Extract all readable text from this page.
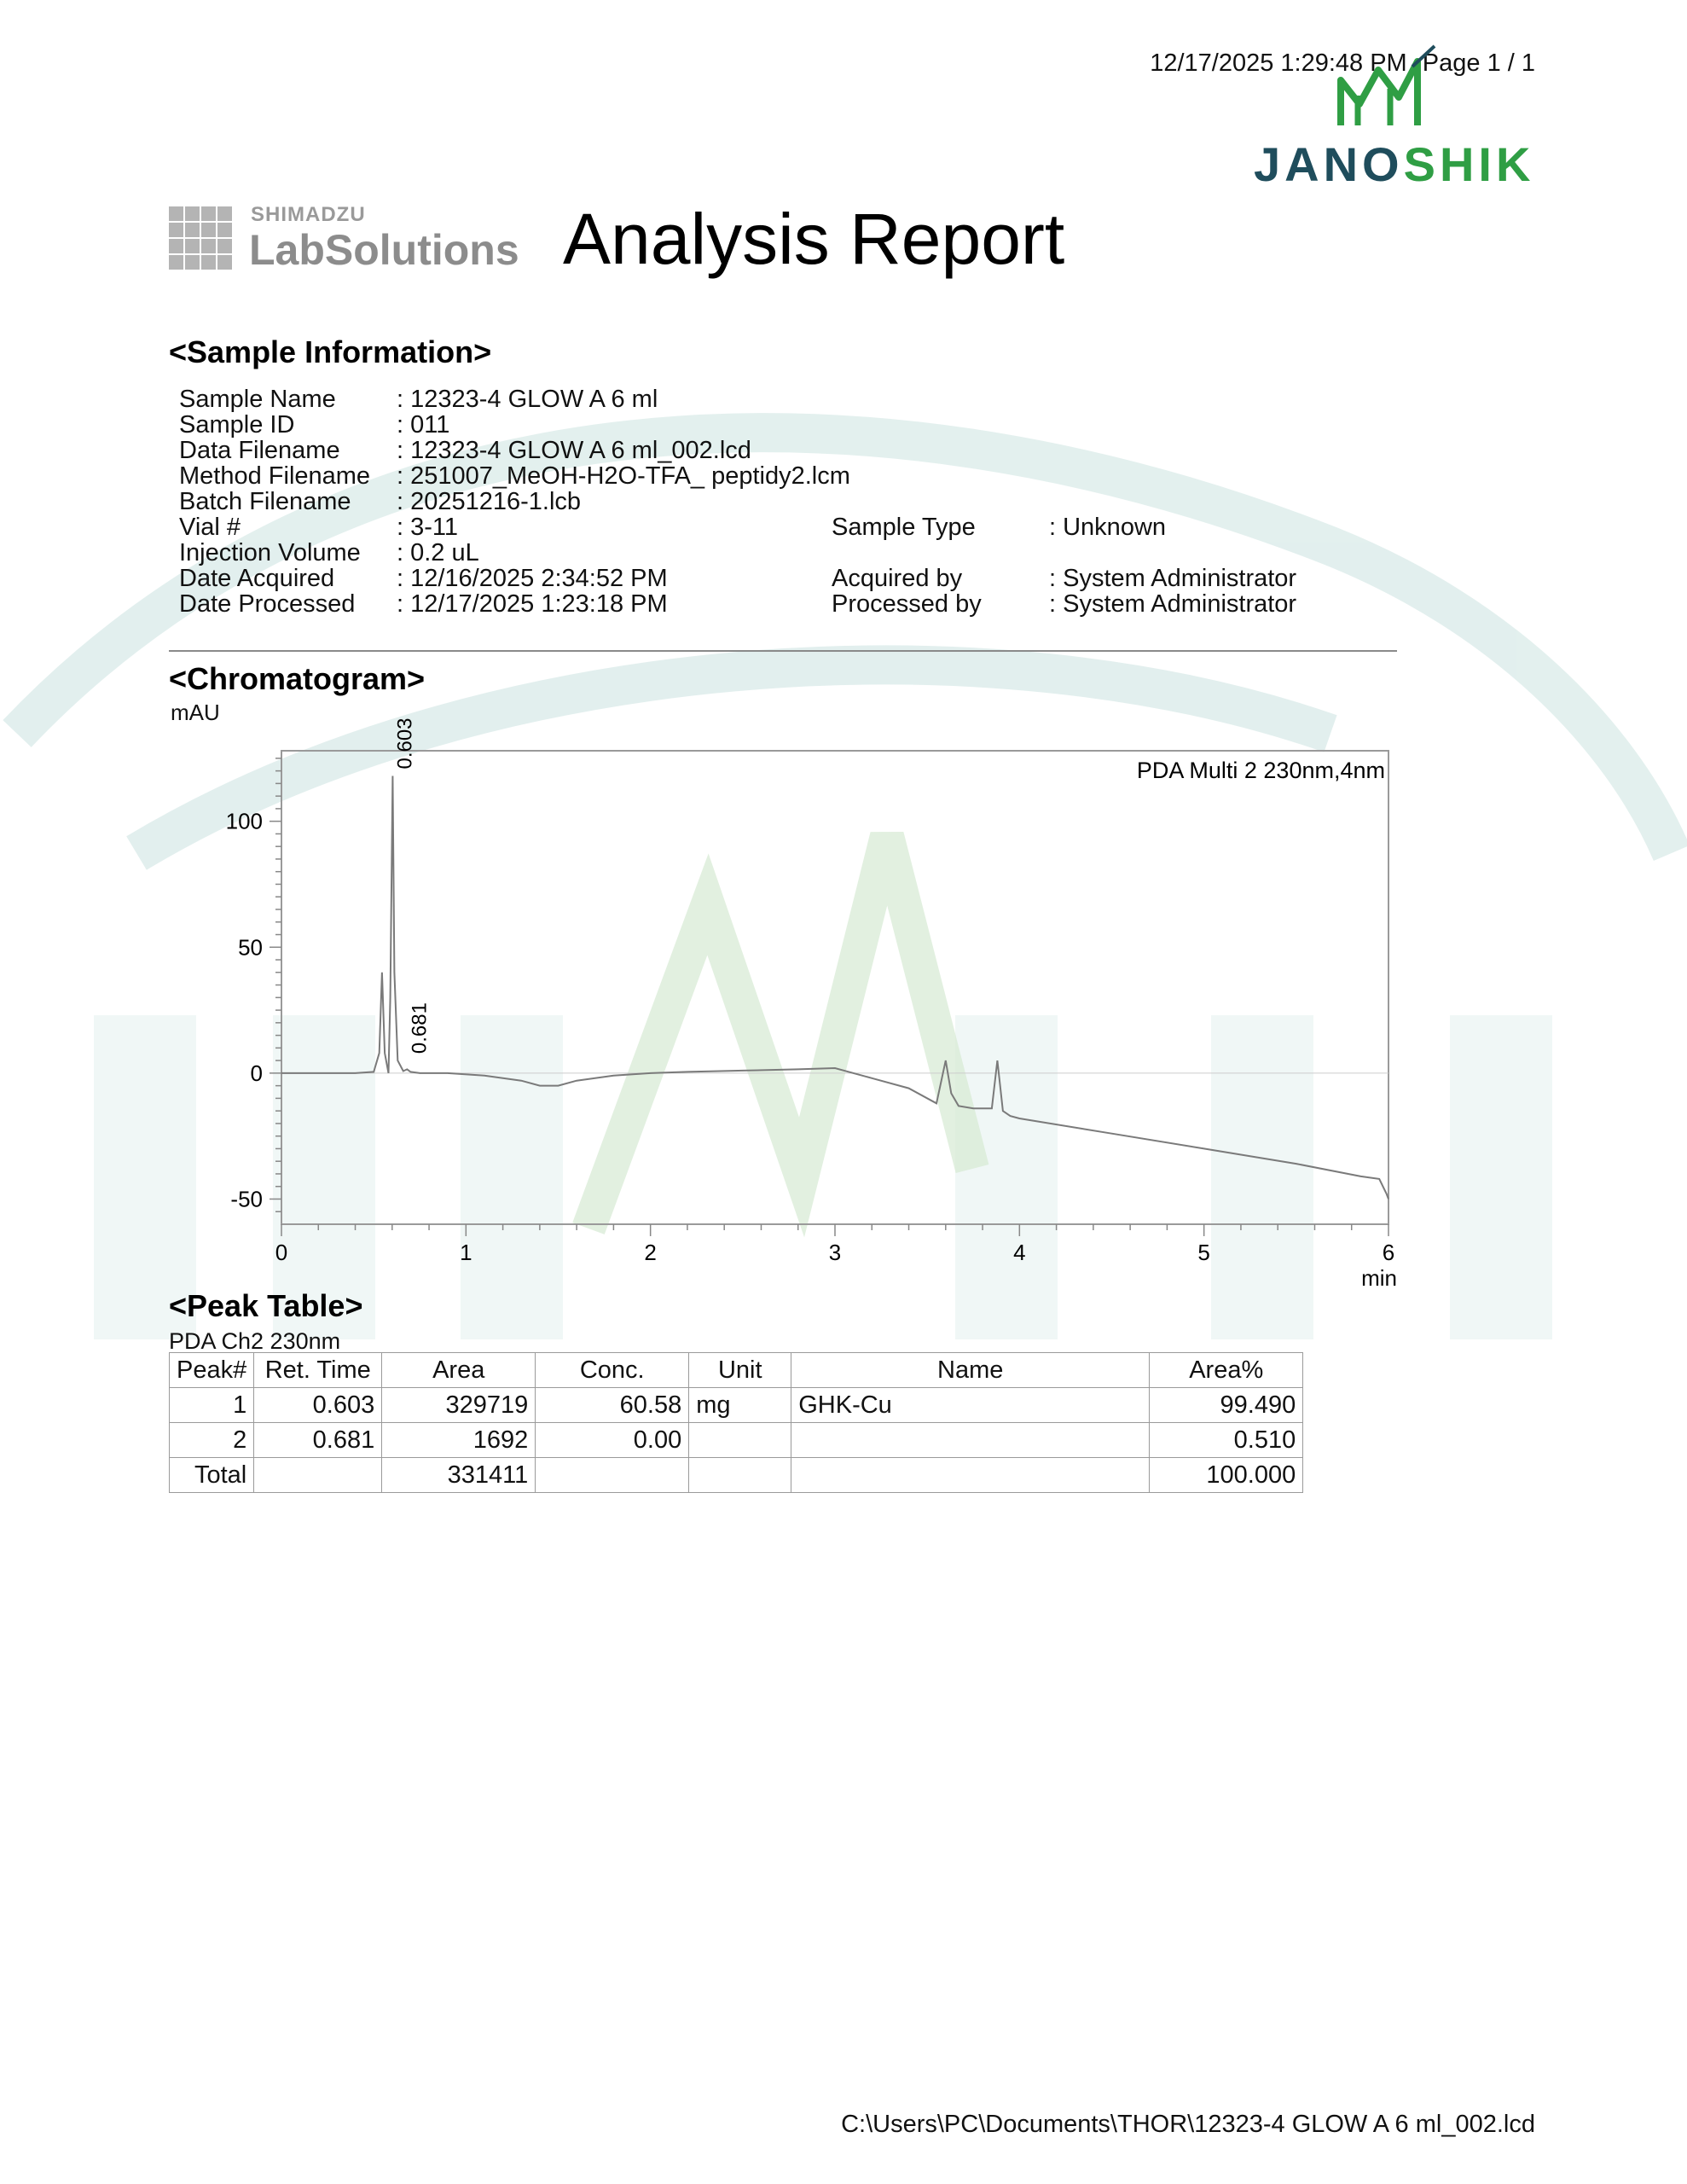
12/17/2025 1:29:48 PM Page 1 / 1
JANOSHIK
SHIMADZU
LabSolutions Analysis Report
<Sample Information>
Sample Name : 12323-4 GLOW A 6 ml
Sample ID	: 011
Data Filename : 12323-4 GLOW A 6 ml_002.lcd
Method Filename : 251007_MeOH-H2O-TFA_ peptidy2.lcm
Batch Filename : 20251216-1.lcb
Vial #	: 3-11
Injection Volume : 0.2 uL
Date Acquired	: 12/16/2025 2:34:52 PM
Date Processed : 12/17/2025 1:23:18 PM
Sample Type	: Unknown
Acquired by	: System Administrator
Processed by	: System Administrator
<Chromatogram>
mAU
-50
0
50
100
0	1	2	3	4	5	6
PDA Multi 2 230nm,4nm
min
0.603
0.681
<Peak Table>
PDA Ch2 230nm
Peak#	Ret. Time	Area	Conc.	Unit	Name	Area%
1	0.603	329719	60.58	mg	GHK-Cu	99.490
2	0.681	1692	0.00			0.510
Total		331411				100.000
C:\Users\PC\Documents\THOR\12323-4 GLOW A 6 ml_002.lcd
